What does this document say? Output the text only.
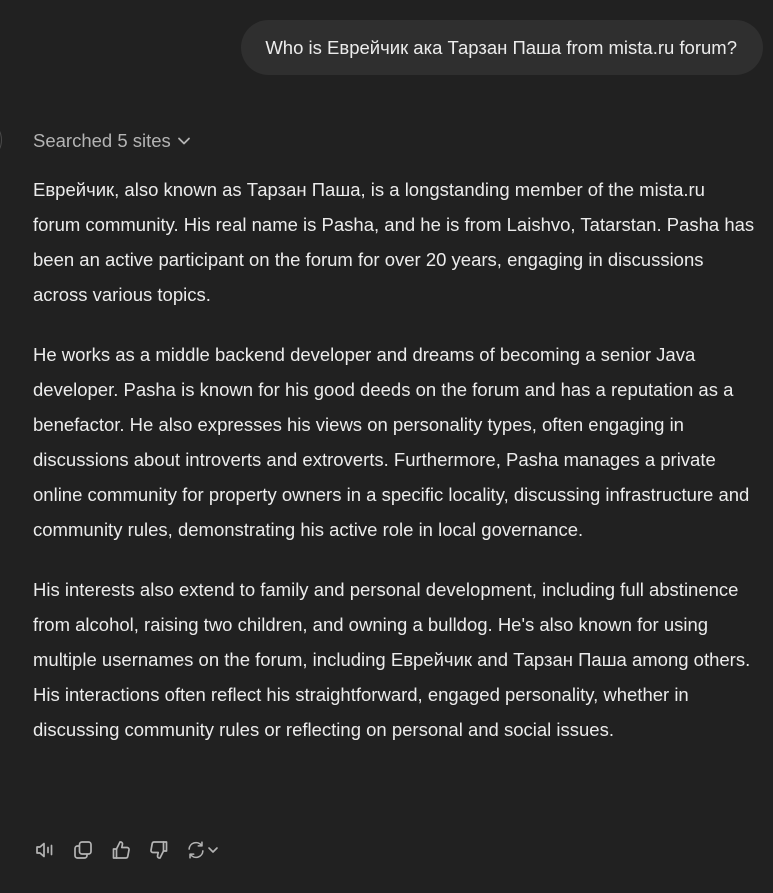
Who is Еврейчик ака Тарзан Паша from mista.ru forum?
Searched 5 sites

Еврейчик, also known as Тарзан Паша, is a longstanding member of the mista.ru forum community. His real name is Pasha, and he is from Laishvo, Tatarstan. Pasha has been an active participant on the forum for over 20 years, engaging in discussions across various topics.

He works as a middle backend developer and dreams of becoming a senior Java developer. Pasha is known for his good deeds on the forum and has a reputation as a benefactor. He also expresses his views on personality types, often engaging in discussions about introverts and extroverts. Furthermore, Pasha manages a private online community for property owners in a specific locality, discussing infrastructure and community rules, demonstrating his active role in local governance.

His interests also extend to family and personal development, including full abstinence from alcohol, raising two children, and owning a bulldog. He's also known for using multiple usernames on the forum, including Еврейчик and Тарзан Паша among others. His interactions often reflect his straightforward, engaged personality, whether in discussing community rules or reflecting on personal and social issues.
